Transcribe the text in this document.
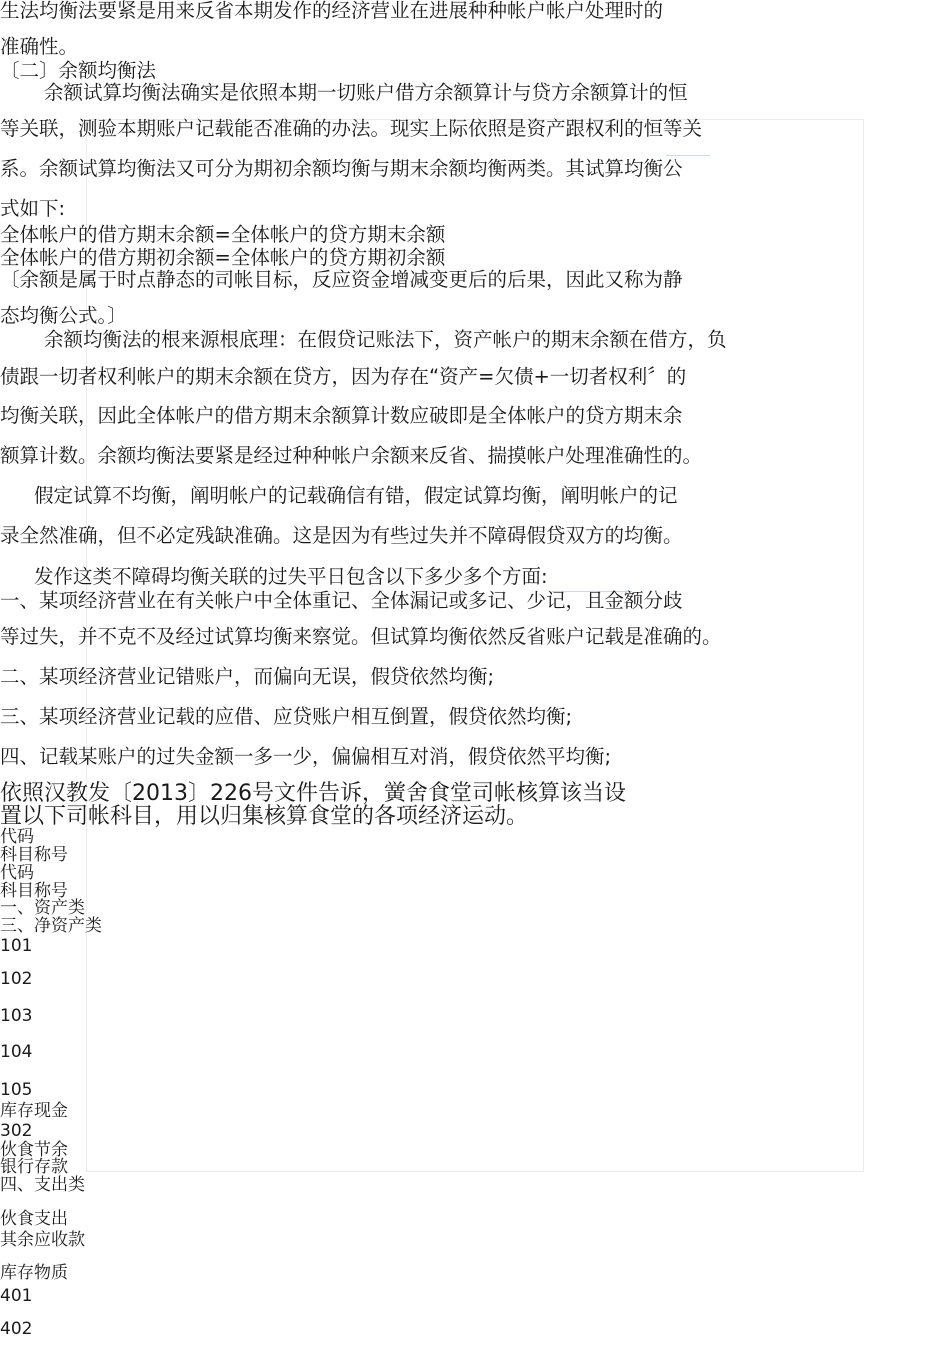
生法均衡法要紧是用来反省本期发作的经济营业在进展种种帐户帐户处理时的
准确性。
〔二〕余额均衡法
余额试算均衡法确实是依照本期一切账户借方余额算计与贷方余额算计的恒
等关联，测验本期账户记载能否准确的办法。现实上际依照是资产跟权利的恒等关
系。余额试算均衡法又可分为期初余额均衡与期末余额均衡两类。其试算均衡公
式如下:
全体帐户的借方期末余额=全体帐户的贷方期末余额
全体帐户的借方期初余额=全体帐户的贷方期初余额
〔余额是属于时点静态的司帐目标，反应资金增减变更后的后果，因此又称为静
态均衡公式。〕
余额均衡法的根来源根底理：在假贷记账法下，资产帐户的期末余额在借方，负
债跟一切者权利帐户的期末余额在贷方，因为存在“资产=欠债+一切者权利〞的
均衡关联，因此全体帐户的借方期末余额算计数应破即是全体帐户的贷方期末余
额算计数。余额均衡法要紧是经过种种帐户余额来反省、揣摸帐户处理准确性的。
假定试算不均衡，阐明帐户的记载确信有错，假定试算均衡，阐明帐户的记
录全然准确，但不必定残缺准确。这是因为有些过失并不障碍假贷双方的均衡。
发作这类不障碍均衡关联的过失平日包含以下多少多个方面:
一、某项经济营业在有关帐户中全体重记、全体漏记或多记、少记，且金额分歧
等过失，并不克不及经过试算均衡来察觉。但试算均衡依然反省账户记载是准确的。
二、某项经济营业记错账户，而偏向无误，假贷依然均衡;
三、某项经济营业记载的应借、应贷账户相互倒置，假贷依然均衡;
四、记载某账户的过失金额一多一少，偏偏相互对消，假贷依然平均衡;
依照汉教发〔2013〕226号文件告诉，黉舍食堂司帐核算该当设
置以下司帐科目，用以归集核算食堂的各项经济运动。
代码
科目称号
代码
科目称号
一、资产类
三、净资产类
101
102
103
104
105
库存现金
302
伙食节余
银行存款
四、支出类
伙食支出
其余应收款
库存物质
401
402
